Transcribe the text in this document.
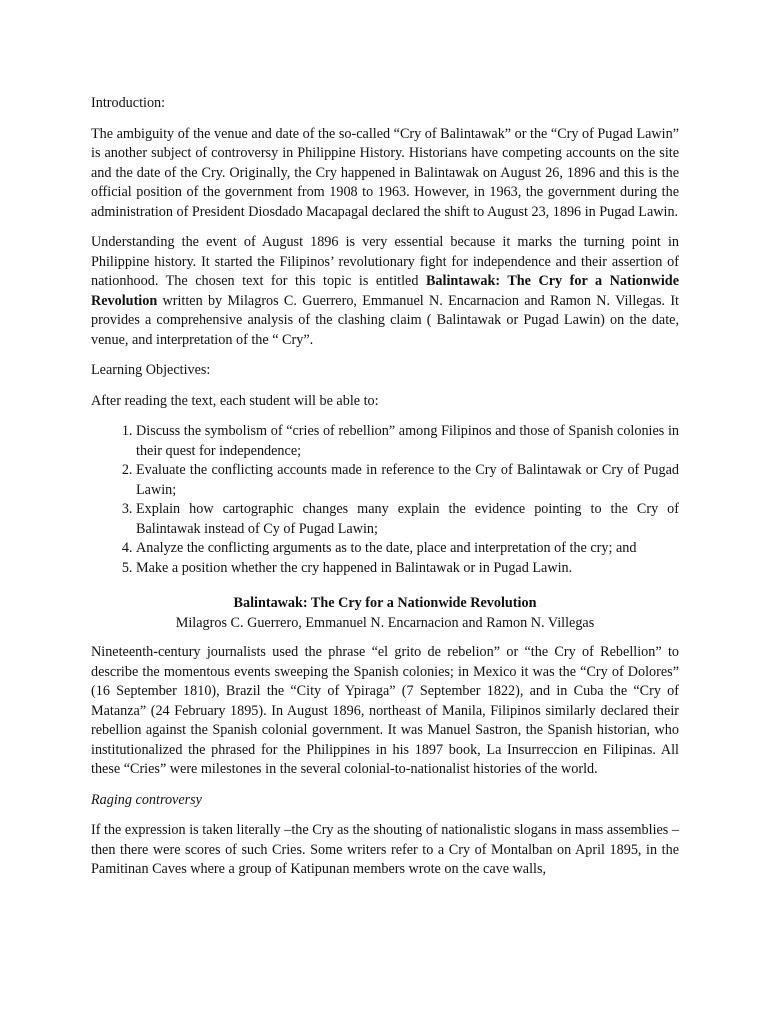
Introduction:

The ambiguity of the venue and date of the so-called “Cry of Balintawak” or the “Cry of Pugad Lawin” is another subject of controversy in Philippine History. Historians have competing accounts on the site and the date of the Cry. Originally, the Cry happened in Balintawak on August 26, 1896 and this is the official position of the government from 1908 to 1963. However, in 1963, the government during the administration of President Diosdado Macapagal declared the shift to August 23, 1896 in Pugad Lawin.

Understanding the event of August 1896 is very essential because it marks the turning point in Philippine history. It started the Filipinos’ revolutionary fight for independence and their assertion of nationhood. The chosen text for this topic is entitled Balintawak: The Cry for a Nationwide Revolution written by Milagros C. Guerrero, Emmanuel N. Encarnacion and Ramon N. Villegas. It provides a comprehensive analysis of the clashing claim ( Balintawak or Pugad Lawin) on the date, venue, and interpretation of the “ Cry”.

Learning Objectives:

After reading the text, each student will be able to:

1. Discuss the symbolism of “cries of rebellion” among Filipinos and those of Spanish colonies in their quest for independence;
2. Evaluate the conflicting accounts made in reference to the Cry of Balintawak or Cry of Pugad Lawin;
3. Explain how cartographic changes many explain the evidence pointing to the Cry of Balintawak instead of Cy of Pugad Lawin;
4. Analyze the conflicting arguments as to the date, place and interpretation of the cry; and
5. Make a position whether the cry happened in Balintawak or in Pugad Lawin.

Balintawak: The Cry for a Nationwide Revolution

Milagros C. Guerrero, Emmanuel N. Encarnacion and Ramon N. Villegas

Nineteenth-century journalists used the phrase “el grito de rebelion” or “the Cry of Rebellion” to describe the momentous events sweeping the Spanish colonies; in Mexico it was the “Cry of Dolores” (16 September 1810), Brazil the “City of Ypiraga” (7 September 1822), and in Cuba the “Cry of Matanza” (24 February 1895). In August 1896, northeast of Manila, Filipinos similarly declared their rebellion against the Spanish colonial government. It was Manuel Sastron, the Spanish historian, who institutionalized the phrased for the Philippines in his 1897 book, La Insurreccion en Filipinas. All these “Cries” were milestones in the several colonial-to-nationalist histories of the world.

Raging controversy

If the expression is taken literally –the Cry as the shouting of nationalistic slogans in mass assemblies –then there were scores of such Cries. Some writers refer to a Cry of Montalban on April 1895, in the Pamitinan Caves where a group of Katipunan members wrote on the cave walls,
